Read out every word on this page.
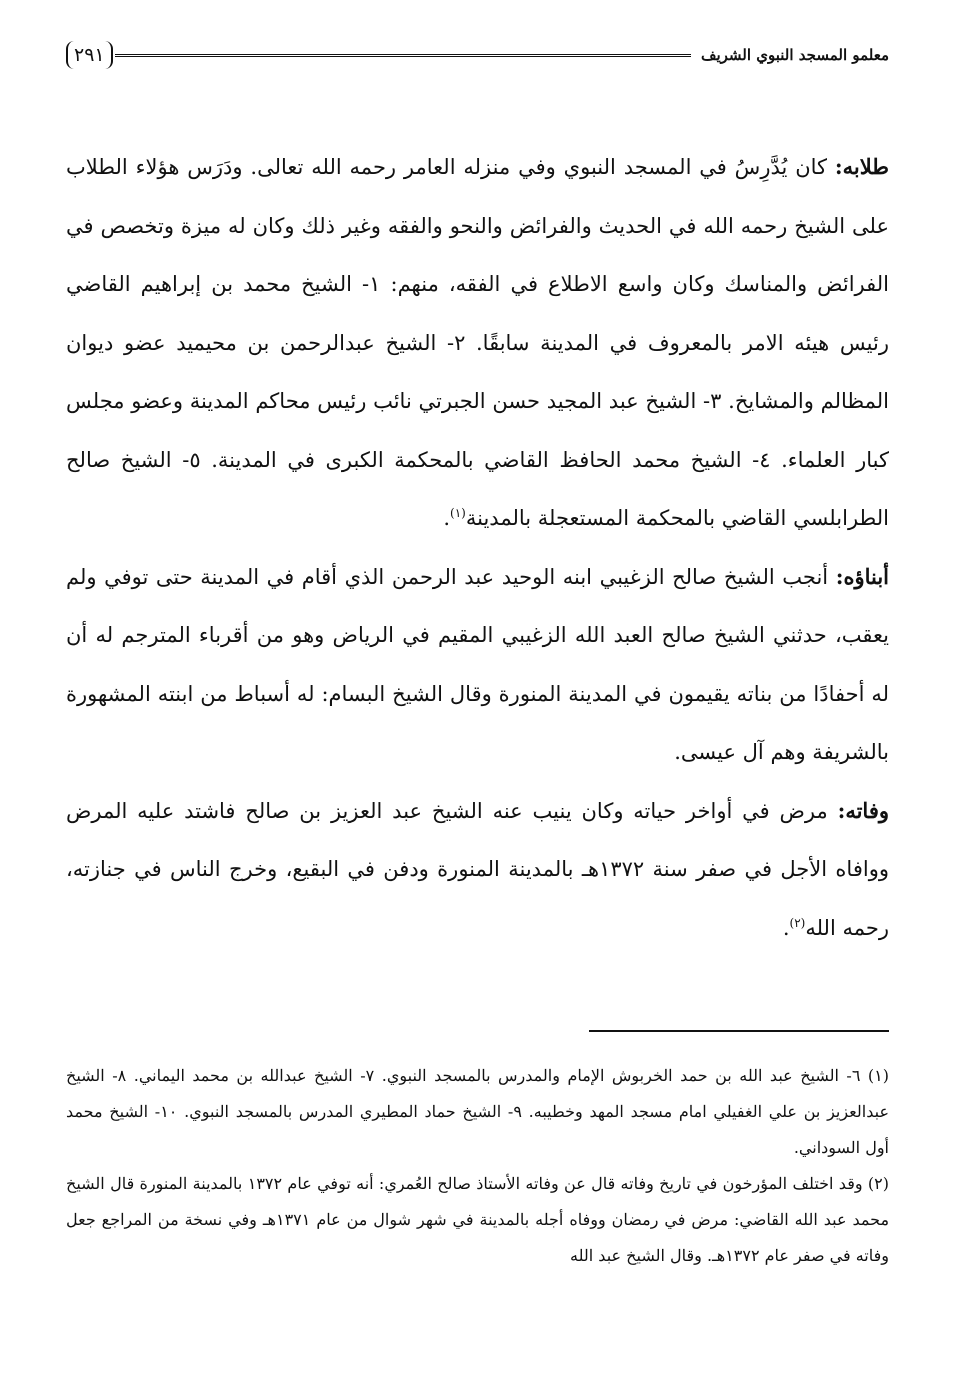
معلمو المسجد النبوي الشريف
٢٩١

طلابه: كان يُدَّرِسُ في المسجد النبوي وفي منزله العامر رحمه الله تعالى. ودَرَس هؤلاء الطلاب على الشيخ رحمه الله في الحديث والفرائض والنحو والفقه وغير ذلك وكان له ميزة وتخصص في الفرائض والمناسك وكان واسع الاطلاع في الفقه، منهم: ١- الشيخ محمد بن إبراهيم القاضي رئيس هيئه الامر بالمعروف في المدينة سابقًا. ٢- الشيخ عبدالرحمن بن محيميد عضو ديوان المظالم والمشايخ. ٣- الشيخ عبد المجيد حسن الجبرتي نائب رئيس محاكم المدينة وعضو مجلس كبار العلماء. ٤- الشيخ محمد الحافظ القاضي بالمحكمة الكبرى في المدينة. ٥- الشيخ صالح الطرابلسي القاضي بالمحكمة المستعجلة بالمدينة$^{(١)}$.

أبناؤه: أنجب الشيخ صالح الزغيبي ابنه الوحيد عبد الرحمن الذي أقام في المدينة حتى توفي ولم يعقب، حدثني الشيخ صالح العبد الله الزغيبي المقيم في الرياض وهو من أقرباء المترجم له أن له أحفادًا من بناته يقيمون في المدينة المنورة وقال الشيخ البسام: له أسباط من ابنته المشهورة بالشريفة وهم آل عيسى.

وفاته: مرض في أواخر حياته وكان ينيب عنه الشيخ عبد العزيز بن صالح فاشتد عليه المرض ووافاه الأجل في صفر سنة ١٣٧٢هـ بالمدينة المنورة ودفن في البقيع، وخرج الناس في جنازته، رحمه الله$^{(٢)}$.

(١) ٦- الشيخ عبد الله بن حمد الخربوش الإمام والمدرس بالمسجد النبوي. ٧- الشيخ عبدالله بن محمد اليماني. ٨- الشيخ عبدالعزيز بن علي الغفيلي امام مسجد المهد وخطيبه. ٩- الشيخ حماد المطيري المدرس بالمسجد النبوي. ١٠- الشيخ محمد أول السوداني.

(٢) وقد اختلف المؤرخون في تاريخ وفاته قال عن وفاته الأستاذ صالح العُمري: أنه توفي عام ١٣٧٢ بالمدينة المنورة قال الشيخ محمد عبد الله القاضي: مرض في رمضان ووفاه أجله بالمدينة في شهر شوال من عام ١٣٧١هـ وفي نسخة من المراجع جعل وفاته في صفر عام ١٣٧٢هـ. وقال الشيخ عبد الله
